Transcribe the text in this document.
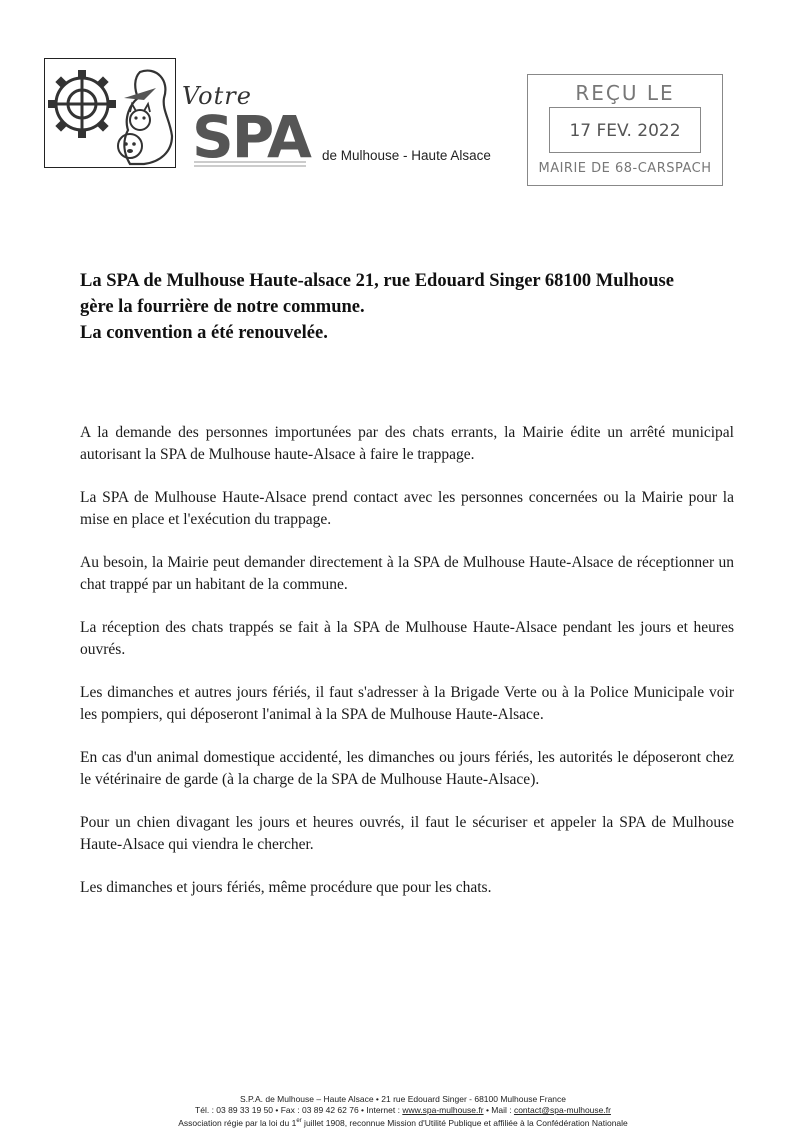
Votre
SPA de Mulhouse - Haute Alsace
REÇU LE
17 FEV. 2022
MAIRIE DE 68-CARSPACH
La SPA de Mulhouse Haute-alsace 21, rue Edouard Singer 68100 Mulhouse
gère la fourrière de notre commune.
La convention a été renouvelée.

A la demande des personnes importunées par des chats errants, la Mairie édite un arrêté municipal autorisant la SPA de Mulhouse haute-Alsace à faire le trappage.

La SPA de Mulhouse Haute-Alsace prend contact avec les personnes concernées ou la Mairie pour la mise en place et l'exécution du trappage.

Au besoin, la Mairie peut demander directement à la SPA de Mulhouse Haute-Alsace de réceptionner un chat trappé par un habitant de la commune.

La réception des chats trappés se fait à la SPA de Mulhouse Haute-Alsace pendant les jours et heures ouvrés.

Les dimanches et autres jours fériés, il faut s'adresser à la Brigade Verte ou à la Police Municipale voir les pompiers, qui déposeront l'animal à la SPA de Mulhouse Haute-Alsace.

En cas d'un animal domestique accidenté, les dimanches ou jours fériés, les autorités le déposeront chez le vétérinaire de garde (à la charge de la SPA de Mulhouse Haute-Alsace).

Pour un chien divagant les jours et heures ouvrés, il faut le sécuriser et appeler la SPA de Mulhouse Haute-Alsace qui viendra le chercher.

Les dimanches et jours fériés, même procédure que pour les chats.

S.P.A. de Mulhouse – Haute Alsace • 21 rue Edouard Singer - 68100 Mulhouse France
Tél. : 03 89 33 19 50 • Fax : 03 89 42 62 76 • Internet : www.spa-mulhouse.fr • Mail : contact@spa-mulhouse.fr
Association régie par la loi du 1er juillet 1908, reconnue Mission d'Utilité Publique et affiliée à la Confédération Nationale
